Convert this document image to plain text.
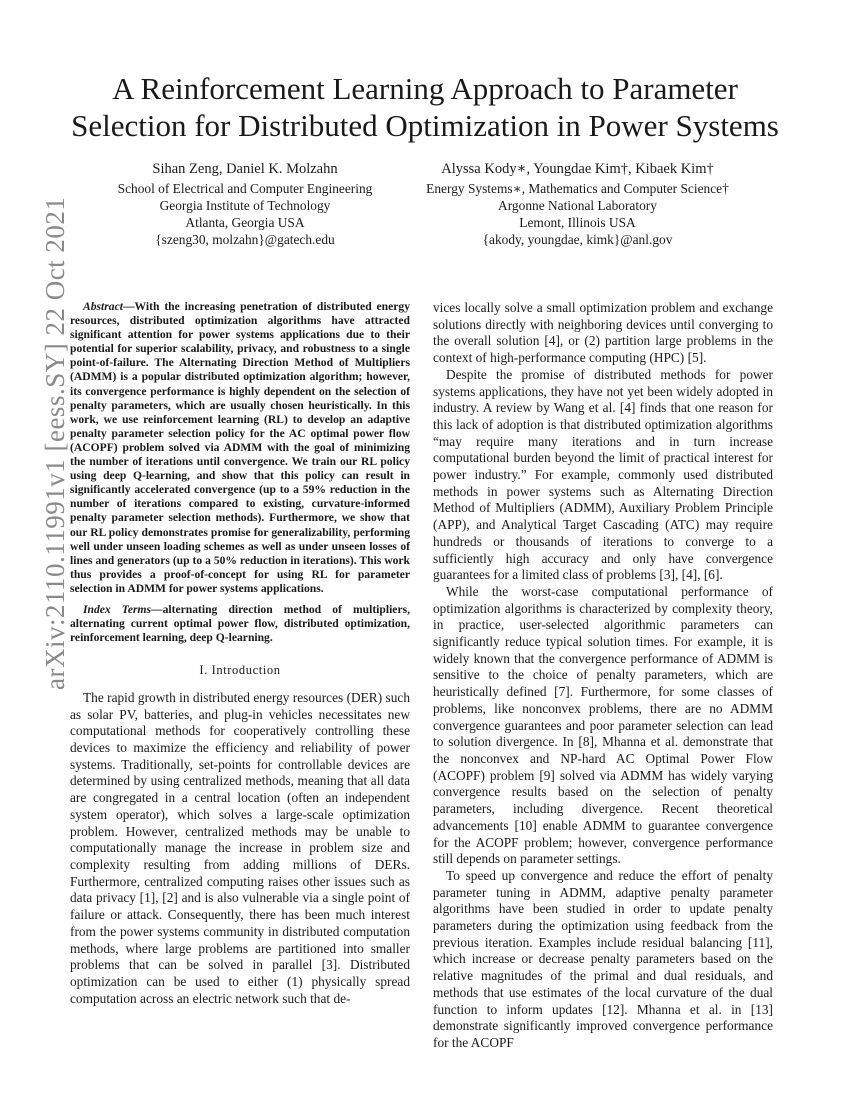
arXiv:2110.11991v1 [eess.SY] 22 Oct 2021
A Reinforcement Learning Approach to Parameter
Selection for Distributed Optimization in Power Systems
Sihan Zeng, Daniel K. Molzahn
School of Electrical and Computer Engineering
Georgia Institute of Technology
Atlanta, Georgia USA
{szeng30, molzahn}@gatech.edu
Alyssa Kody∗, Youngdae Kim†, Kibaek Kim†
Energy Systems∗, Mathematics and Computer Science†
Argonne National Laboratory
Lemont, Illinois USA
{akody, youngdae, kimk}@anl.gov

Abstract—With the increasing penetration of distributed energy resources, distributed optimization algorithms have attracted significant attention for power systems applications due to their potential for superior scalability, privacy, and robustness to a single point-of-failure. The Alternating Direction Method of Multipliers (ADMM) is a popular distributed optimization algorithm; however, its convergence performance is highly dependent on the selection of penalty parameters, which are usually chosen heuristically. In this work, we use reinforcement learning (RL) to develop an adaptive penalty parameter selection policy for the AC optimal power flow (ACOPF) problem solved via ADMM with the goal of minimizing the number of iterations until convergence. We train our RL policy using deep Q-learning, and show that this policy can result in significantly accelerated convergence (up to a 59% reduction in the number of iterations compared to existing, curvature-informed penalty parameter selection methods). Furthermore, we show that our RL policy demonstrates promise for generalizability, performing well under unseen loading schemes as well as under unseen losses of lines and generators (up to a 50% reduction in iterations). This work thus provides a proof-of-concept for using RL for parameter selection in ADMM for power systems applications.

Index Terms—alternating direction method of multipliers, alternating current optimal power flow, distributed optimization, reinforcement learning, deep Q-learning.

I. Introduction

The rapid growth in distributed energy resources (DER) such as solar PV, batteries, and plug-in vehicles necessitates new computational methods for cooperatively controlling these devices to maximize the efficiency and reliability of power systems. Traditionally, set-points for controllable devices are determined by using centralized methods, meaning that all data are congregated in a central location (often an independent system operator), which solves a large-scale optimization problem. However, centralized methods may be unable to computationally manage the increase in problem size and complexity resulting from adding millions of DERs. Furthermore, centralized computing raises other issues such as data privacy [1], [2] and is also vulnerable via a single point of failure or attack. Consequently, there has been much interest from the power systems community in distributed computation methods, where large problems are partitioned into smaller problems that can be solved in parallel [3]. Distributed optimization can be used to either (1) physically spread computation across an electric network such that de-

vices locally solve a small optimization problem and exchange solutions directly with neighboring devices until converging to the overall solution [4], or (2) partition large problems in the context of high-performance computing (HPC) [5].

Despite the promise of distributed methods for power systems applications, they have not yet been widely adopted in industry. A review by Wang et al. [4] finds that one reason for this lack of adoption is that distributed optimization algorithms “may require many iterations and in turn increase computational burden beyond the limit of practical interest for power industry.” For example, commonly used distributed methods in power systems such as Alternating Direction Method of Multipliers (ADMM), Auxiliary Problem Principle (APP), and Analytical Target Cascading (ATC) may require hundreds or thousands of iterations to converge to a sufficiently high accuracy and only have convergence guarantees for a limited class of problems [3], [4], [6].

While the worst-case computational performance of optimization algorithms is characterized by complexity theory, in practice, user-selected algorithmic parameters can significantly reduce typical solution times. For example, it is widely known that the convergence performance of ADMM is sensitive to the choice of penalty parameters, which are heuristically defined [7]. Furthermore, for some classes of problems, like nonconvex problems, there are no ADMM convergence guarantees and poor parameter selection can lead to solution divergence. In [8], Mhanna et al. demonstrate that the nonconvex and NP-hard AC Optimal Power Flow (ACOPF) problem [9] solved via ADMM has widely varying convergence results based on the selection of penalty parameters, including divergence. Recent theoretical advancements [10] enable ADMM to guarantee convergence for the ACOPF problem; however, convergence performance still depends on parameter settings.

To speed up convergence and reduce the effort of penalty parameter tuning in ADMM, adaptive penalty parameter algorithms have been studied in order to update penalty parameters during the optimization using feedback from the previous iteration. Examples include residual balancing [11], which increase or decrease penalty parameters based on the relative magnitudes of the primal and dual residuals, and methods that use estimates of the local curvature of the dual function to inform updates [12]. Mhanna et al. in [13] demonstrate significantly improved convergence performance for the ACOPF
